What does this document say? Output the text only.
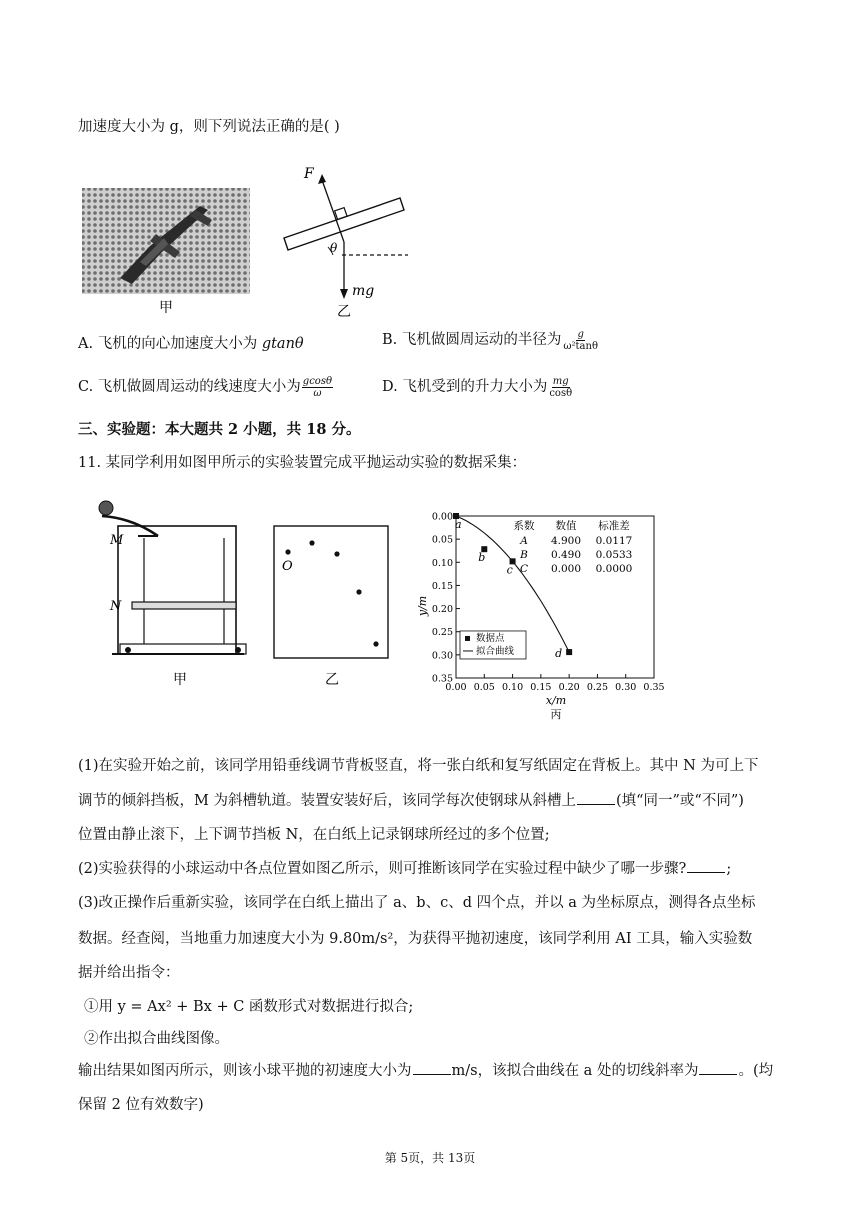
加速度大小为 g，则下列说法正确的是( )
甲
F
θ
mg
乙
A. 飞机的向心加速度大小为 gtanθ	B. 飞机做圆周运动的半径为 $\frac{g}{\text{ω²tanθ}}$
C. 飞机做圆周运动的线速度大小为 $\frac{gcos\theta}{\omega}$	D. 飞机受到的升力大小为 $\frac{mg}{\cos\theta}$
三、实验题：本大题共 2 小题，共 18 分。
11. 某同学利用如图甲所示的实验装置完成平抛运动实验的数据采集：
M
N
甲
O
乙	0.00 0.05 0.10 0.15 0.20 0.25 0.30 0.35
0.00
0.05
0.10
0.15
0.20
0.25
0.30
0.35
a
b
c
d
系数 数值 标准差
A 4.900 0.0117
B 0.490 0.0533
C 0.000 0.0000
数据点
拟合曲线
y/m
x/m
丙
(1)在实验开始之前，该同学用铅垂线调节背板竖直，将一张白纸和复写纸固定在背板上。其中 N 为可上下
调节的倾斜挡板，M 为斜槽轨道。装置安装好后，该同学每次使钢球从斜槽上	(填“同一”或“不同”)
位置由静止滚下，上下调节挡板 N，在白纸上记录钢球所经过的多个位置;
(2)实验获得的小球运动中各点位置如图乙所示，则可推断该同学在实验过程中缺少了哪一步骤?	;
(3)改正操作后重新实验，该同学在白纸上描出了 a、b、c、d 四个点，并以 a 为坐标原点，测得各点坐标
数据。经查阅，当地重力加速度大小为 9.80m/s²，为获得平抛初速度，该同学利用 AI 工具，输入实验数
据并给出指令：
①用 y = Ax² + Bx + C 函数形式对数据进行拟合;
②作出拟合曲线图像。
输出结果如图丙所示，则该小球平抛的初速度大小为	m/s，该拟合曲线在 a 处的切线斜率为	。(均
保留 2 位有效数字)
第 5页，共 13页
